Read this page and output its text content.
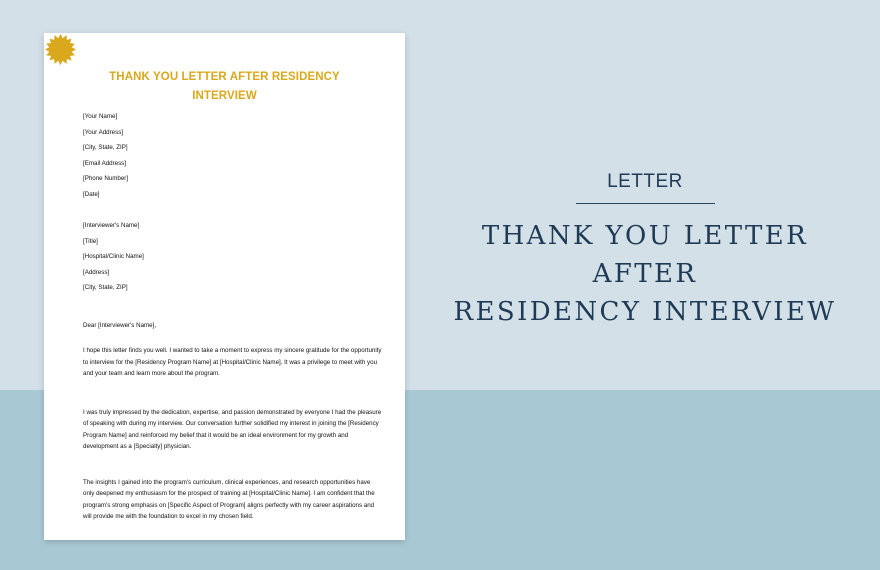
THANK YOU LETTER AFTER RESIDENCY
INTERVIEW
[Your Name]
[Your Address]
[City, State, ZIP]
[Email Address]
[Phone Number]
[Date]
[Interviewer's Name]
[Title]
[Hospital/Clinic Name]
[Address]
[City, State, ZIP]
Dear [Interviewer's Name],
I hope this letter finds you well. I wanted to take a moment to express my sincere gratitude for the opportunity to interview for the [Residency Program Name] at [Hospital/Clinic Name]. It was a privilege to meet with you and your team and learn more about the program.
I was truly impressed by the dedication, expertise, and passion demonstrated by everyone I had the pleasure of speaking with during my interview. Our conversation further solidified my interest in joining the [Residency Program Name] and reinforced my belief that it would be an ideal environment for my growth and development as a [Specialty] physician.
The insights I gained into the program's curriculum, clinical experiences, and research opportunities have only deepened my enthusiasm for the prospect of training at [Hospital/Clinic Name]. I am confident that the program's strong emphasis on [Specific Aspect of Program] aligns perfectly with my career aspirations and will provide me with the foundation to excel in my chosen field.
LETTER
THANK YOU LETTER AFTER
RESIDENCY INTERVIEW
